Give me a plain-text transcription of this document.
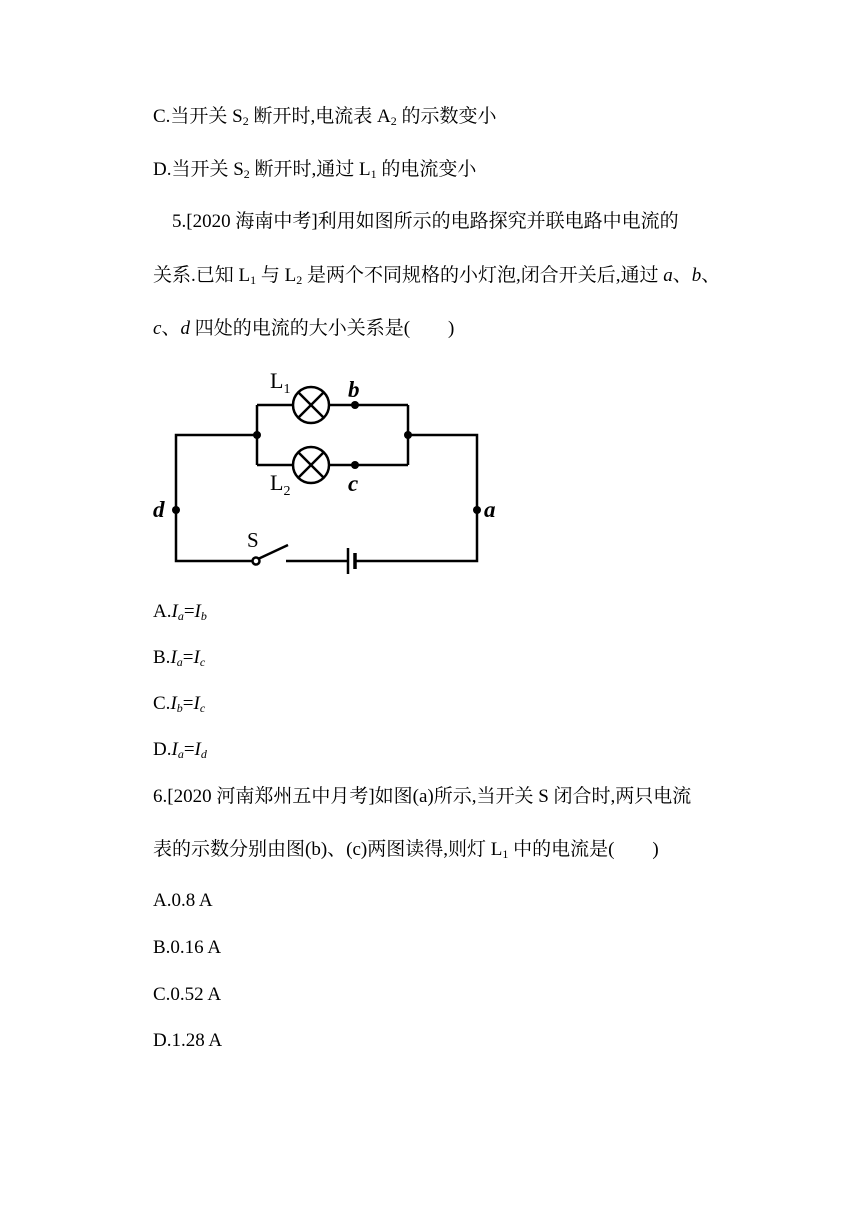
C.当开关 $S_2$ 断开时,电流表 $A_2$ 的示数变小
D.当开关 $S_2$ 断开时,通过 $L_1$ 的电流变小
5.[2020 海南中考]利用如图所示的电路探究并联电路中电流的
关系.已知 $L_1$ 与 $L_2$ 是两个不同规格的小灯泡,闭合开关后,通过 a、b、
c、d 四处的电流的大小关系是(　　)
$L_1$
$L_2$
b
c
d	a
S
$A.I_a=I_b$
$B.I_a=I_c$
$C.I_b=I_c$
$D.I_a=I_d$
6.[2020 河南郑州五中月考]如图(a)所示,当开关 S 闭合时,两只电流
表的示数分别由图(b)、(c)两图读得,则灯 $L_1$ 中的电流是(　　)
A.0.8 A
B.0.16 A
C.0.52 A
D.1.28 A
